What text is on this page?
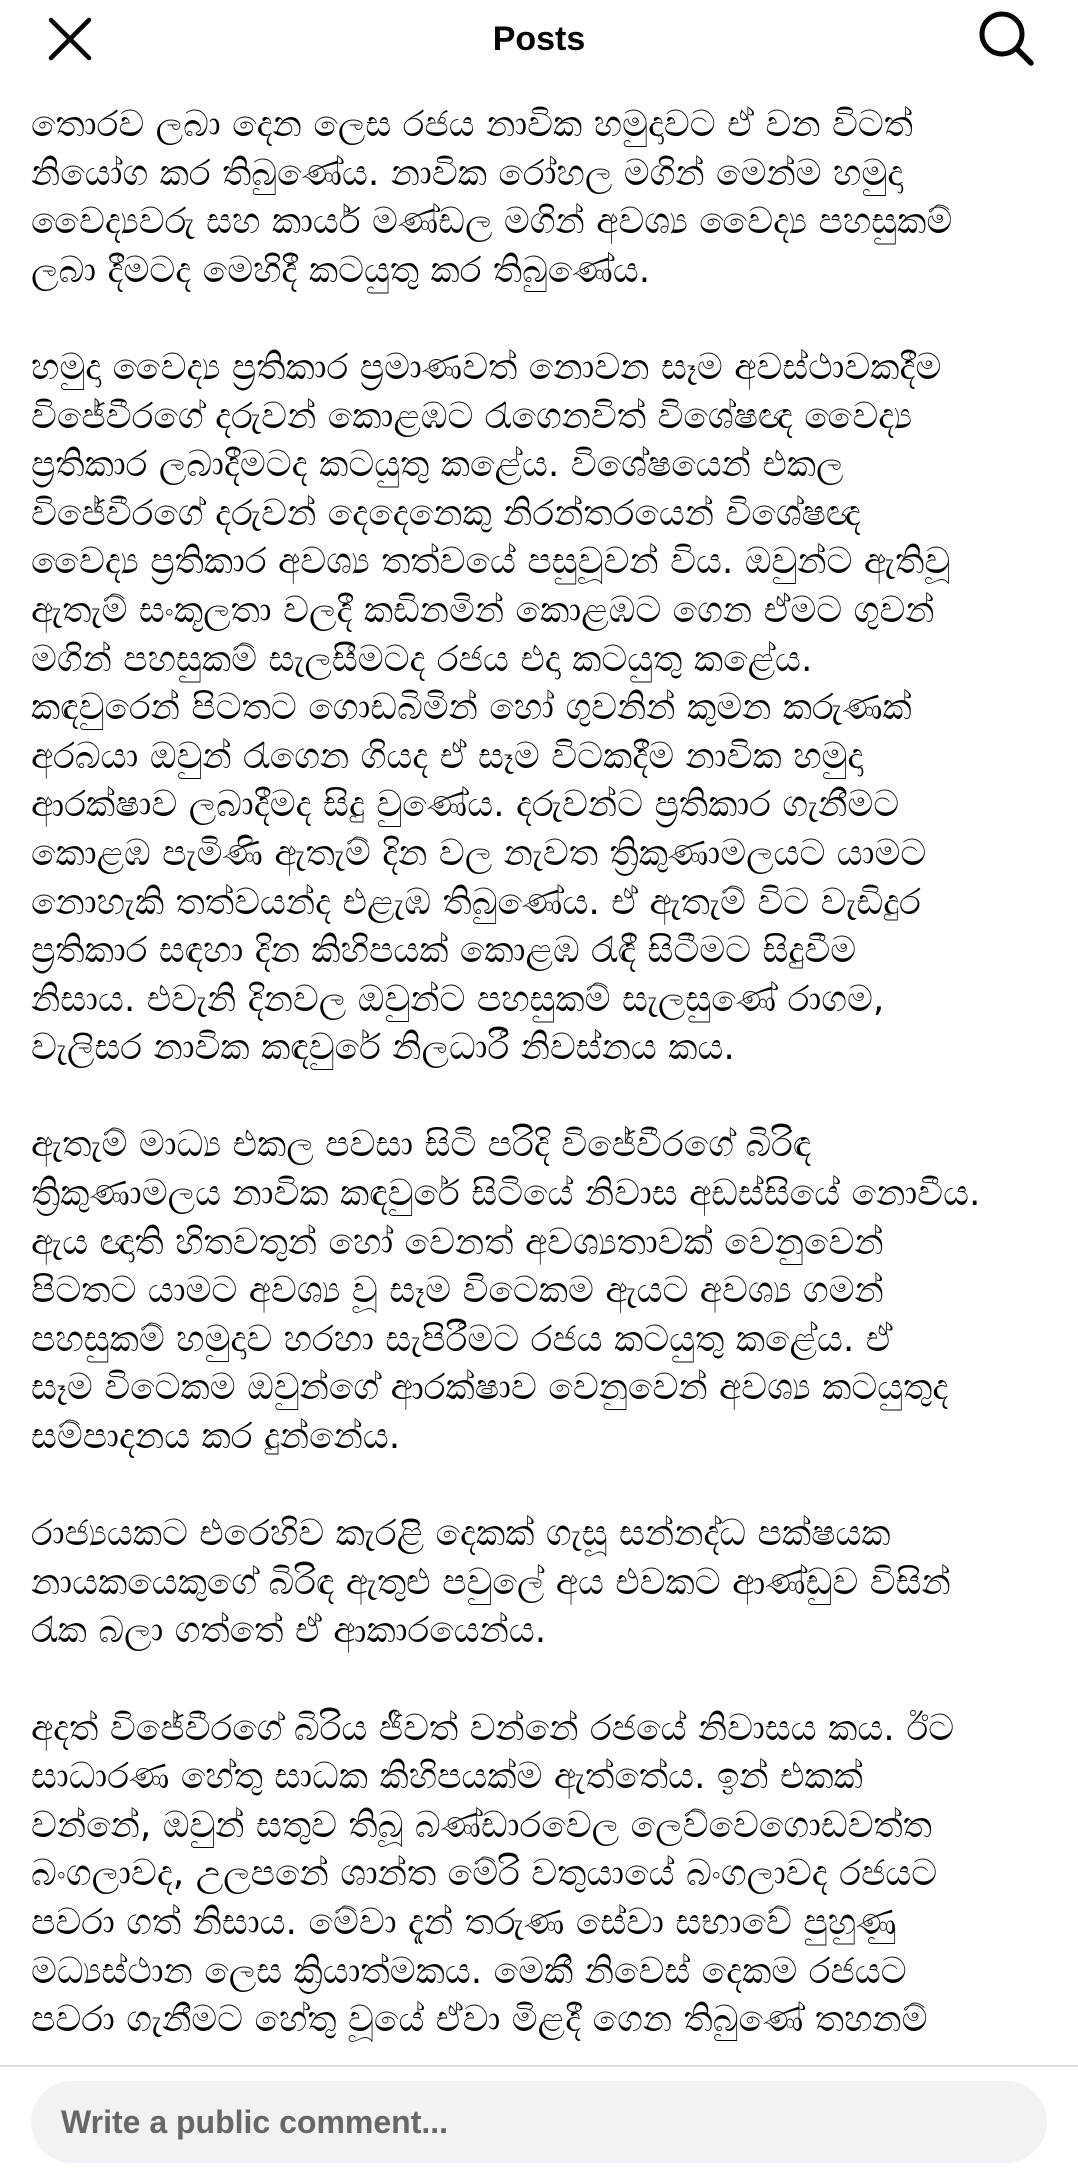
Posts
තොරව ලබා දෙන ලෙස රජය නාවික හමුදාවට ඒ වන විටත්
නියෝග කර තිබුණේය. නාවික රෝහල මගින් මෙන්ම හමුදා
වෛද්‍යවරු සහ කාර්ය මණ්ඩල මගින් අවශ්‍ය වෛද්‍ය පහසුකම්
ලබා දීමටද මෙහිදී කටයුතු කර තිබුණේය.
හමුදා වෛද්‍ය ප්‍රතිකාර ප්‍රමාණවත් නොවන සෑම අවස්ථාවකදීම
විජේවීරගේ දරුවන් කොළඹට රැගෙනවිත් විශේෂඥ වෛද්‍ය
ප්‍රතිකාර ලබාදීමටද කටයුතු කළේය. විශේෂයෙන් එකල
විජේවීරගේ දරුවන් දෙදෙනෙකු නිරන්තරයෙන් විශේෂඥ
වෛද්‍ය ප්‍රතිකාර අවශ්‍ය තත්වයේ පසුවූවන් විය. ඔවුන්ට ඇතිවූ
ඇතැම් සංකූලතා වලදී කඩිනමින් කොළඹට ගෙන ඒමට ගුවන්
මගින් පහසුකම් සැලසීමටද රජය එදා කටයුතු කළේය.
කඳවුරෙන් පිටතට ගොඩබිමින් හෝ ගුවනින් කුමන කරුණක්
අරබයා ඔවුන් රැගෙන ගියද ඒ සෑම විටකදීම නාවික හමුදා
ආරක්ෂාව ලබාදීමද සිදු වුණේය. දරුවන්ට ප්‍රතිකාර ගැනීමට
කොළඹ පැමිණි ඇතැම් දින වල නැවත ත්‍රිකුණාමලයට යාමට
නොහැකි තත්වයන්ද එළැඹ තිබුණේය. ඒ ඇතැම් විට වැඩිදුර
ප්‍රතිකාර සඳහා දින කිහිපයක් කොළඹ රැඳී සිටීමට සිදුවීම
නිසාය. එවැනි දිනවල ඔවුන්ට පහසුකම් සැලසුණේ රාගම,
වැලිසර නාවික කඳවුරේ නිලධාරී නිවස්නය කය.
ඇතැම් මාධ්‍ය එකල පවසා සිටි පරිදි විජේවීරගේ බිරිඳ
ත්‍රිකුණාමලය නාවික කඳවුරේ සිටියේ නිවාස අඩස්සියේ නොවීය.
ඇය ඥාති හිතවතුන් හෝ වෙනත් අවශ්‍යතාවක් වෙනුවෙන්
පිටතට යාමට අවශ්‍ය වූ සෑම විටෙකම ඇයට අවශ්‍ය ගමන්
පහසුකම් හමුදාව හරහා සැපිරීමට රජය කටයුතු කළේය. ඒ
සෑම විටෙකම ඔවුන්ගේ ආරක්ෂාව වෙනුවෙන් අවශ්‍ය කටයුතුද
සම්පාදනය කර දුන්නේය.
රාජ්‍යයකට එරෙහිව කැරළි දෙකක් ගැසූ සන්නද්ධ පක්ෂයක
නායකයෙකුගේ බිරිඳ ඇතුළු පවුලේ අය එවකට ආණ්ඩුව විසින්
රැක බලා ගත්තේ ඒ ආකාරයෙන්ය.
අදත් විජේවීරගේ බිරිය ජීවත් වන්නේ රජයේ නිවාසය කය. ඊට
සාධාරණ හේතු සාධක කිහිපයක්ම ඇත්තේය. ඉන් එකක්
වන්නේ, ඔවුන් සතුව තිබූ බණ්ඩාරවෙල ලෙව්වෙගොඩවත්ත
බංගලාවද, උලපනේ ශාන්ත මේරි වතුයායේ බංගලාවද රජයට
පවරා ගත් නිසාය. මේවා දැන් තරුණ සේවා සභාවේ පුහුණු
මධ්‍යස්ථාන ලෙස ක්‍රියාත්මකය. මෙකී නිවෙස් දෙකම රජයට
පවරා ගැනීමට හේතු වූයේ ඒවා මිළදී ගෙන තිබුණේ තහනම්
Write a public comment...
